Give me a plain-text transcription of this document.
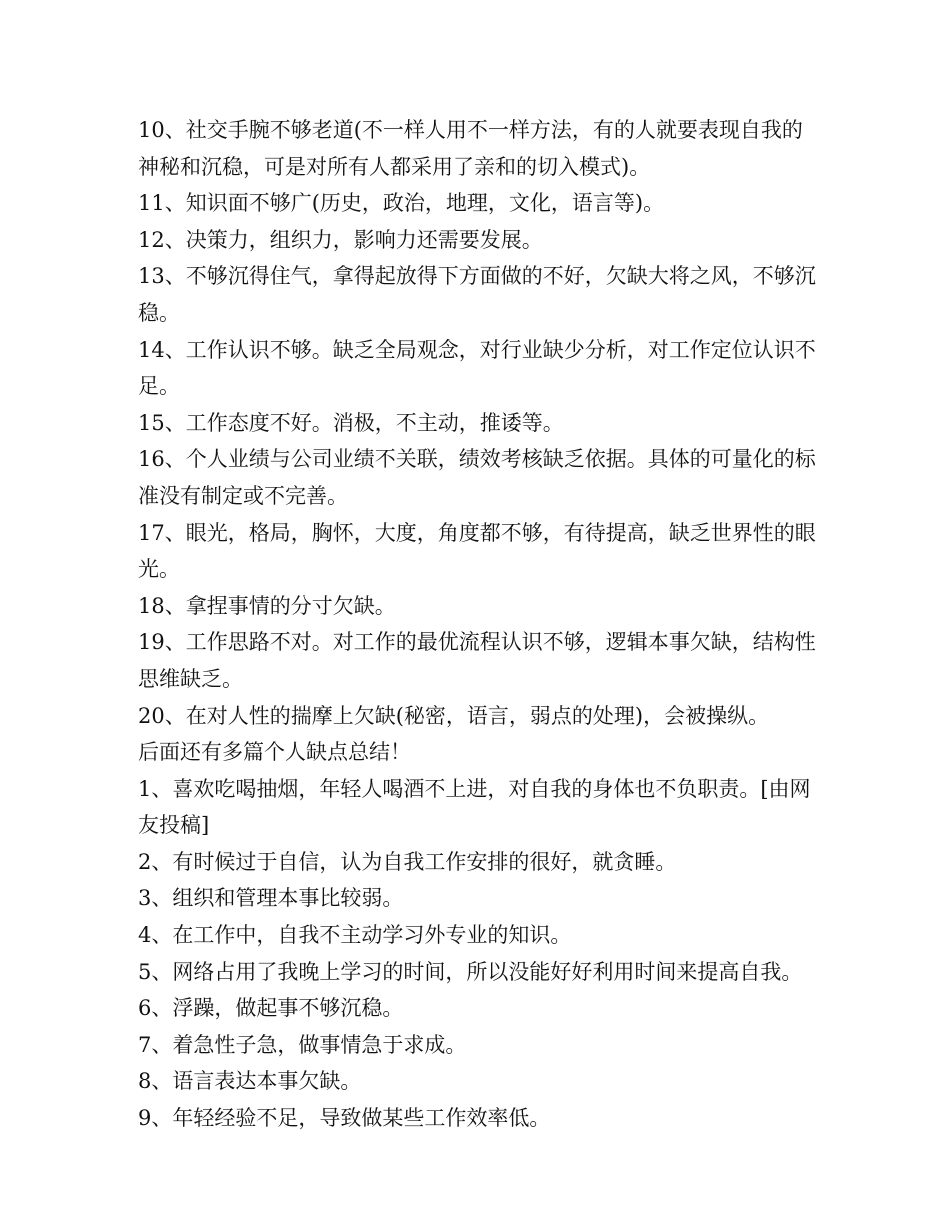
10、社交手腕不够老道(不一样人用不一样方法，有的人就要表现自我的神秘和沉稳，可是对所有人都采用了亲和的切入模式)。

11、知识面不够广(历史，政治，地理，文化，语言等)。

12、决策力，组织力，影响力还需要发展。

13、不够沉得住气，拿得起放得下方面做的不好，欠缺大将之风，不够沉稳。

14、工作认识不够。缺乏全局观念，对行业缺少分析，对工作定位认识不足。

15、工作态度不好。消极，不主动，推诿等。

16、个人业绩与公司业绩不关联，绩效考核缺乏依据。具体的可量化的标准没有制定或不完善。

17、眼光，格局，胸怀，大度，角度都不够，有待提高，缺乏世界性的眼光。

18、拿捏事情的分寸欠缺。

19、工作思路不对。对工作的最优流程认识不够，逻辑本事欠缺，结构性思维缺乏。

20、在对人性的揣摩上欠缺(秘密，语言，弱点的处理)，会被操纵。

后面还有多篇个人缺点总结！

1、喜欢吃喝抽烟，年轻人喝酒不上进，对自我的身体也不负职责。[由网友投稿]

2、有时候过于自信，认为自我工作安排的很好，就贪睡。

3、组织和管理本事比较弱。

4、在工作中，自我不主动学习外专业的知识。

5、网络占用了我晚上学习的时间，所以没能好好利用时间来提高自我。

6、浮躁，做起事不够沉稳。

7、着急性子急，做事情急于求成。

8、语言表达本事欠缺。

9、年轻经验不足，导致做某些工作效率低。
